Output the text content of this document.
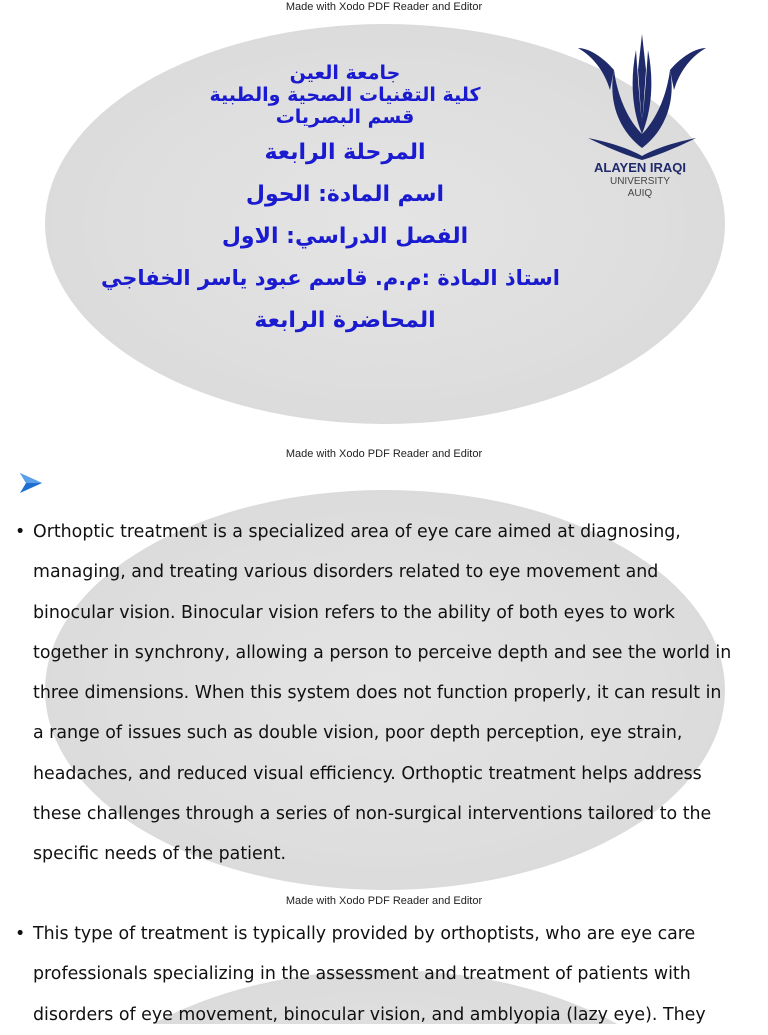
Made with Xodo PDF Reader and Editor
Made with Xodo PDF Reader and Editor
Made with Xodo PDF Reader and Editor
جامعة العين
كلية التقنيات الصحية والطبية
قسم البصريات
المرحلة الرابعة
اسم المادة: الحول
الفصل الدراسي: الاول
استاذ المادة :م.م. قاسم عبود ياسر الخفاجي
المحاضرة الرابعة
ALAYEN IRAQI
UNIVERSITY
AUIQ
• Orthoptic treatment is a specialized area of eye care aimed at diagnosing,
managing, and treating various disorders related to eye movement and
binocular vision. Binocular vision refers to the ability of both eyes to work
together in synchrony, allowing a person to perceive depth and see the world in
three dimensions. When this system does not function properly, it can result in
a range of issues such as double vision, poor depth perception, eye strain,
headaches, and reduced visual efficiency. Orthoptic treatment helps address
these challenges through a series of non-surgical interventions tailored to the
specific needs of the patient.
• This type of treatment is typically provided by orthoptists, who are eye care
professionals specializing in the assessment and treatment of patients with
disorders of eye movement, binocular vision, and amblyopia (lazy eye). They
